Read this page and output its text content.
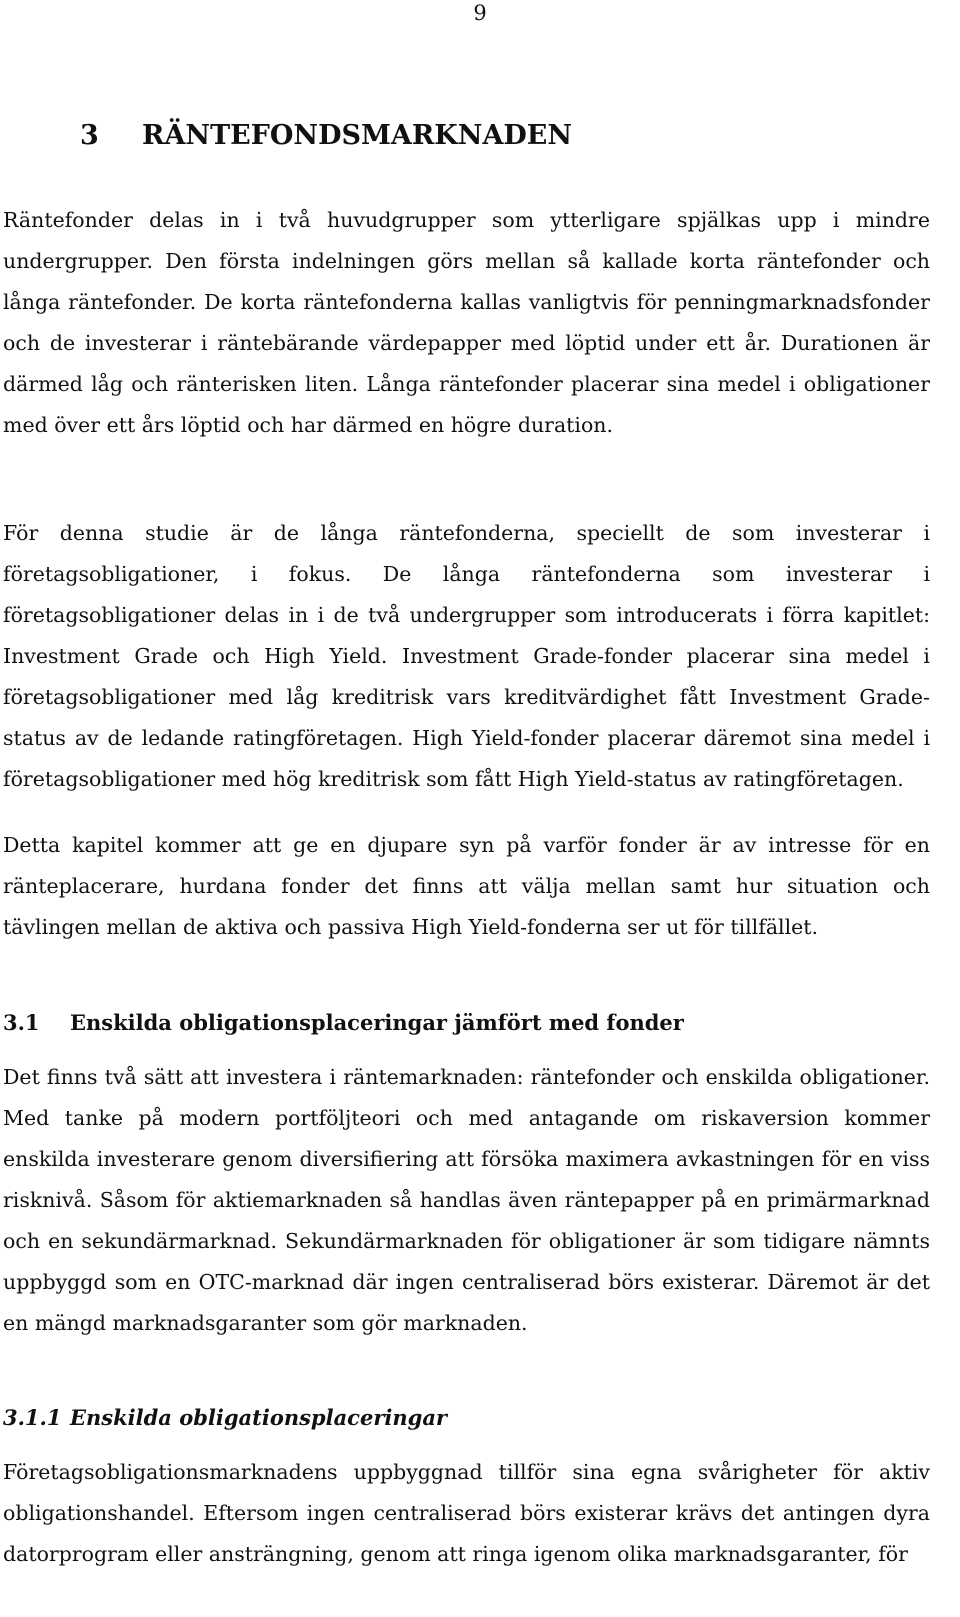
9
3 RÄNTEFONDSMARKNADEN
Räntefonder delas in i två huvudgrupper som ytterligare spjälkas upp i mindre undergrupper. Den första indelningen görs mellan så kallade korta räntefonder och långa räntefonder. De korta räntefonderna kallas vanligtvis för penningmarknadsfonder och de investerar i räntebärande värdepapper med löptid under ett år. Durationen är därmed låg och ränterisken liten. Långa räntefonder placerar sina medel i obligationer med över ett års löptid och har därmed en högre duration.
För denna studie är de långa räntefonderna, speciellt de som investerar i företagsobligationer, i fokus. De långa räntefonderna som investerar i företagsobligationer delas in i de två undergrupper som introducerats i förra kapitlet: Investment Grade och High Yield. Investment Grade-fonder placerar sina medel i företagsobligationer med låg kreditrisk vars kreditvärdighet fått Investment Grade-status av de ledande ratingföretagen. High Yield-fonder placerar däremot sina medel i företagsobligationer med hög kreditrisk som fått High Yield-status av ratingföretagen.
Detta kapitel kommer att ge en djupare syn på varför fonder är av intresse för en ränteplacerare, hurdana fonder det finns att välja mellan samt hur situation och tävlingen mellan de aktiva och passiva High Yield-fonderna ser ut för tillfället.
3.1 Enskilda obligationsplaceringar jämfört med fonder
Det finns två sätt att investera i räntemarknaden: räntefonder och enskilda obligationer. Med tanke på modern portföljteori och med antagande om riskaversion kommer enskilda investerare genom diversifiering att försöka maximera avkastningen för en viss risknivå. Såsom för aktiemarknaden så handlas även räntepapper på en primärmarknad och en sekundärmarknad. Sekundärmarknaden för obligationer är som tidigare nämnts uppbyggd som en OTC-marknad där ingen centraliserad börs existerar. Däremot är det en mängd marknadsgaranter som gör marknaden.
3.1.1 Enskilda obligationsplaceringar
Företagsobligationsmarknadens uppbyggnad tillför sina egna svårigheter för aktiv obligationshandel. Eftersom ingen centraliserad börs existerar krävs det antingen dyra datorprogram eller ansträngning, genom att ringa igenom olika marknadsgaranter, för
